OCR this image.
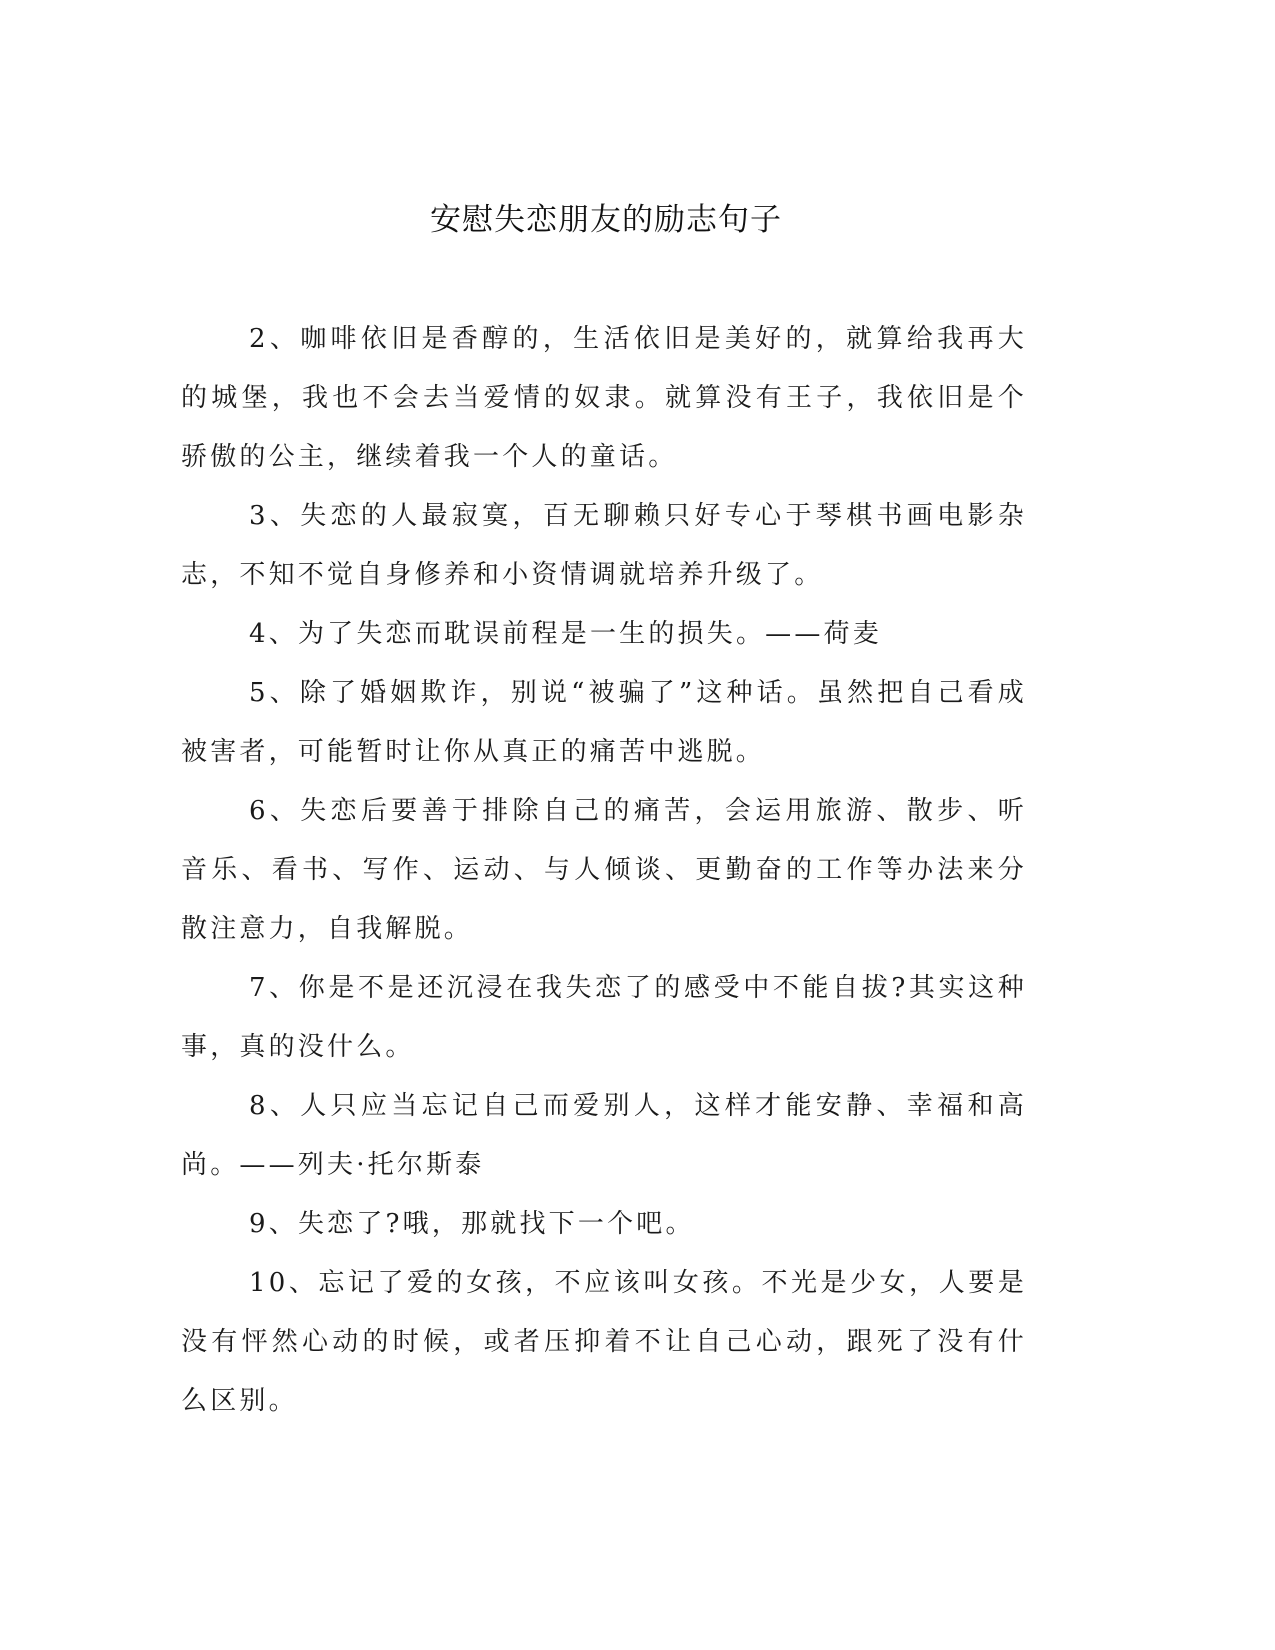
安慰失恋朋友的励志句子

2、咖啡依旧是香醇的，生活依旧是美好的，就算给我再大的城堡，我也不会去当爱情的奴隶。就算没有王子，我依旧是个骄傲的公主，继续着我一个人的童话。

3、失恋的人最寂寞，百无聊赖只好专心于琴棋书画电影杂志，不知不觉自身修养和小资情调就培养升级了。

4、为了失恋而耽误前程是一生的损失。——荷麦

5、除了婚姻欺诈，别说“被骗了”这种话。虽然把自己看成被害者，可能暂时让你从真正的痛苦中逃脱。

6、失恋后要善于排除自己的痛苦，会运用旅游、散步、听音乐、看书、写作、运动、与人倾谈、更勤奋的工作等办法来分散注意力，自我解脱。

7、你是不是还沉浸在我失恋了的感受中不能自拔?其实这种事，真的没什么。

8、人只应当忘记自己而爱别人，这样才能安静、幸福和高尚。——列夫·托尔斯泰

9、失恋了?哦，那就找下一个吧。

10、忘记了爱的女孩，不应该叫女孩。不光是少女，人要是没有怦然心动的时候，或者压抑着不让自己心动，跟死了没有什么区别。
